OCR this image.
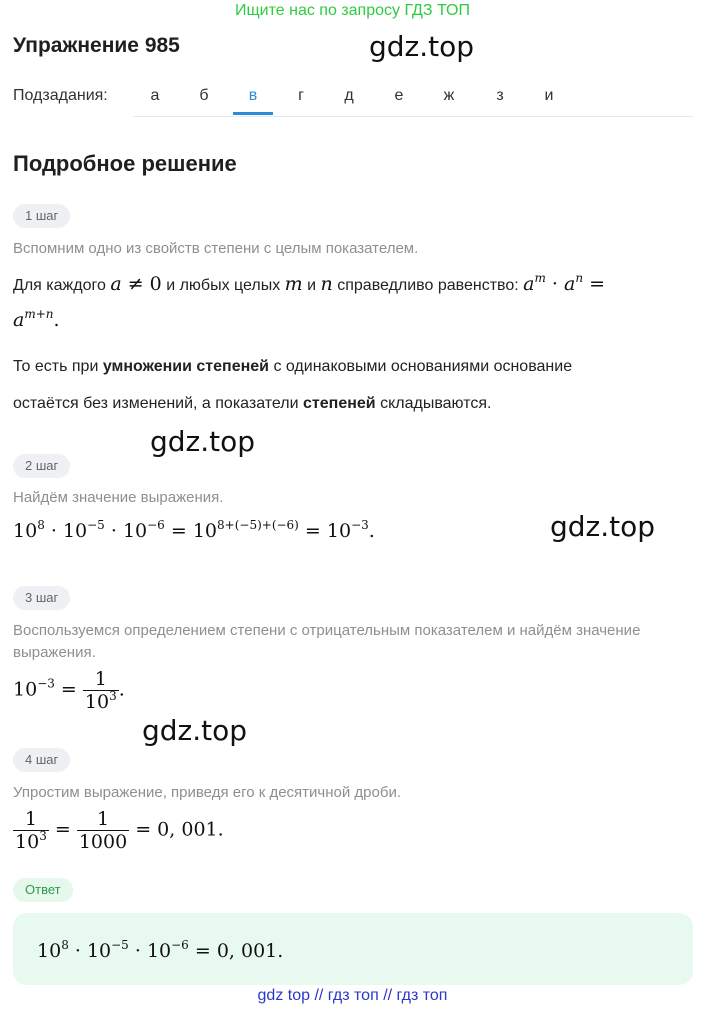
Ищите нас по запросу ГДЗ ТОП
Упражнение 985	gdz.top
Подзадания:	а	б	в	г	д	е	ж	з	и
Подробное решение
1 шаг
Вспомним одно из свойств степени с целым показателем.
Для каждого a ≠ 0 и любых целых m и n справедливо равенство: $a^m \cdot a^n$ =
$a^{m+n}$.
То есть при умножении степеней с одинаковыми основаниями основание
остаётся без изменений, а показатели степеней складываются.
gdz.top
2 шаг
Найдём значение выражения.
$10^8 \cdot 10^{-5} \cdot 10^{-6} = 10^{8+(-5)+(-6)} = 10^{-3}$.	gdz.top
3 шаг
Воспользуемся определением степени с отрицательным показателем и найдём значение выражения.
$10^{-3} = \frac{1}{10^3}$ .
gdz.top
4 шаг
Упростим выражение, приведя его к десятичной дроби.
$\frac{1}{10^3} = \frac{1}{1000} = 0$, 001.
Ответ
$10^8 \cdot 10^{-5} \cdot 10^{-6} = 0$, 001.
gdz top // гдз топ // гдз топ
